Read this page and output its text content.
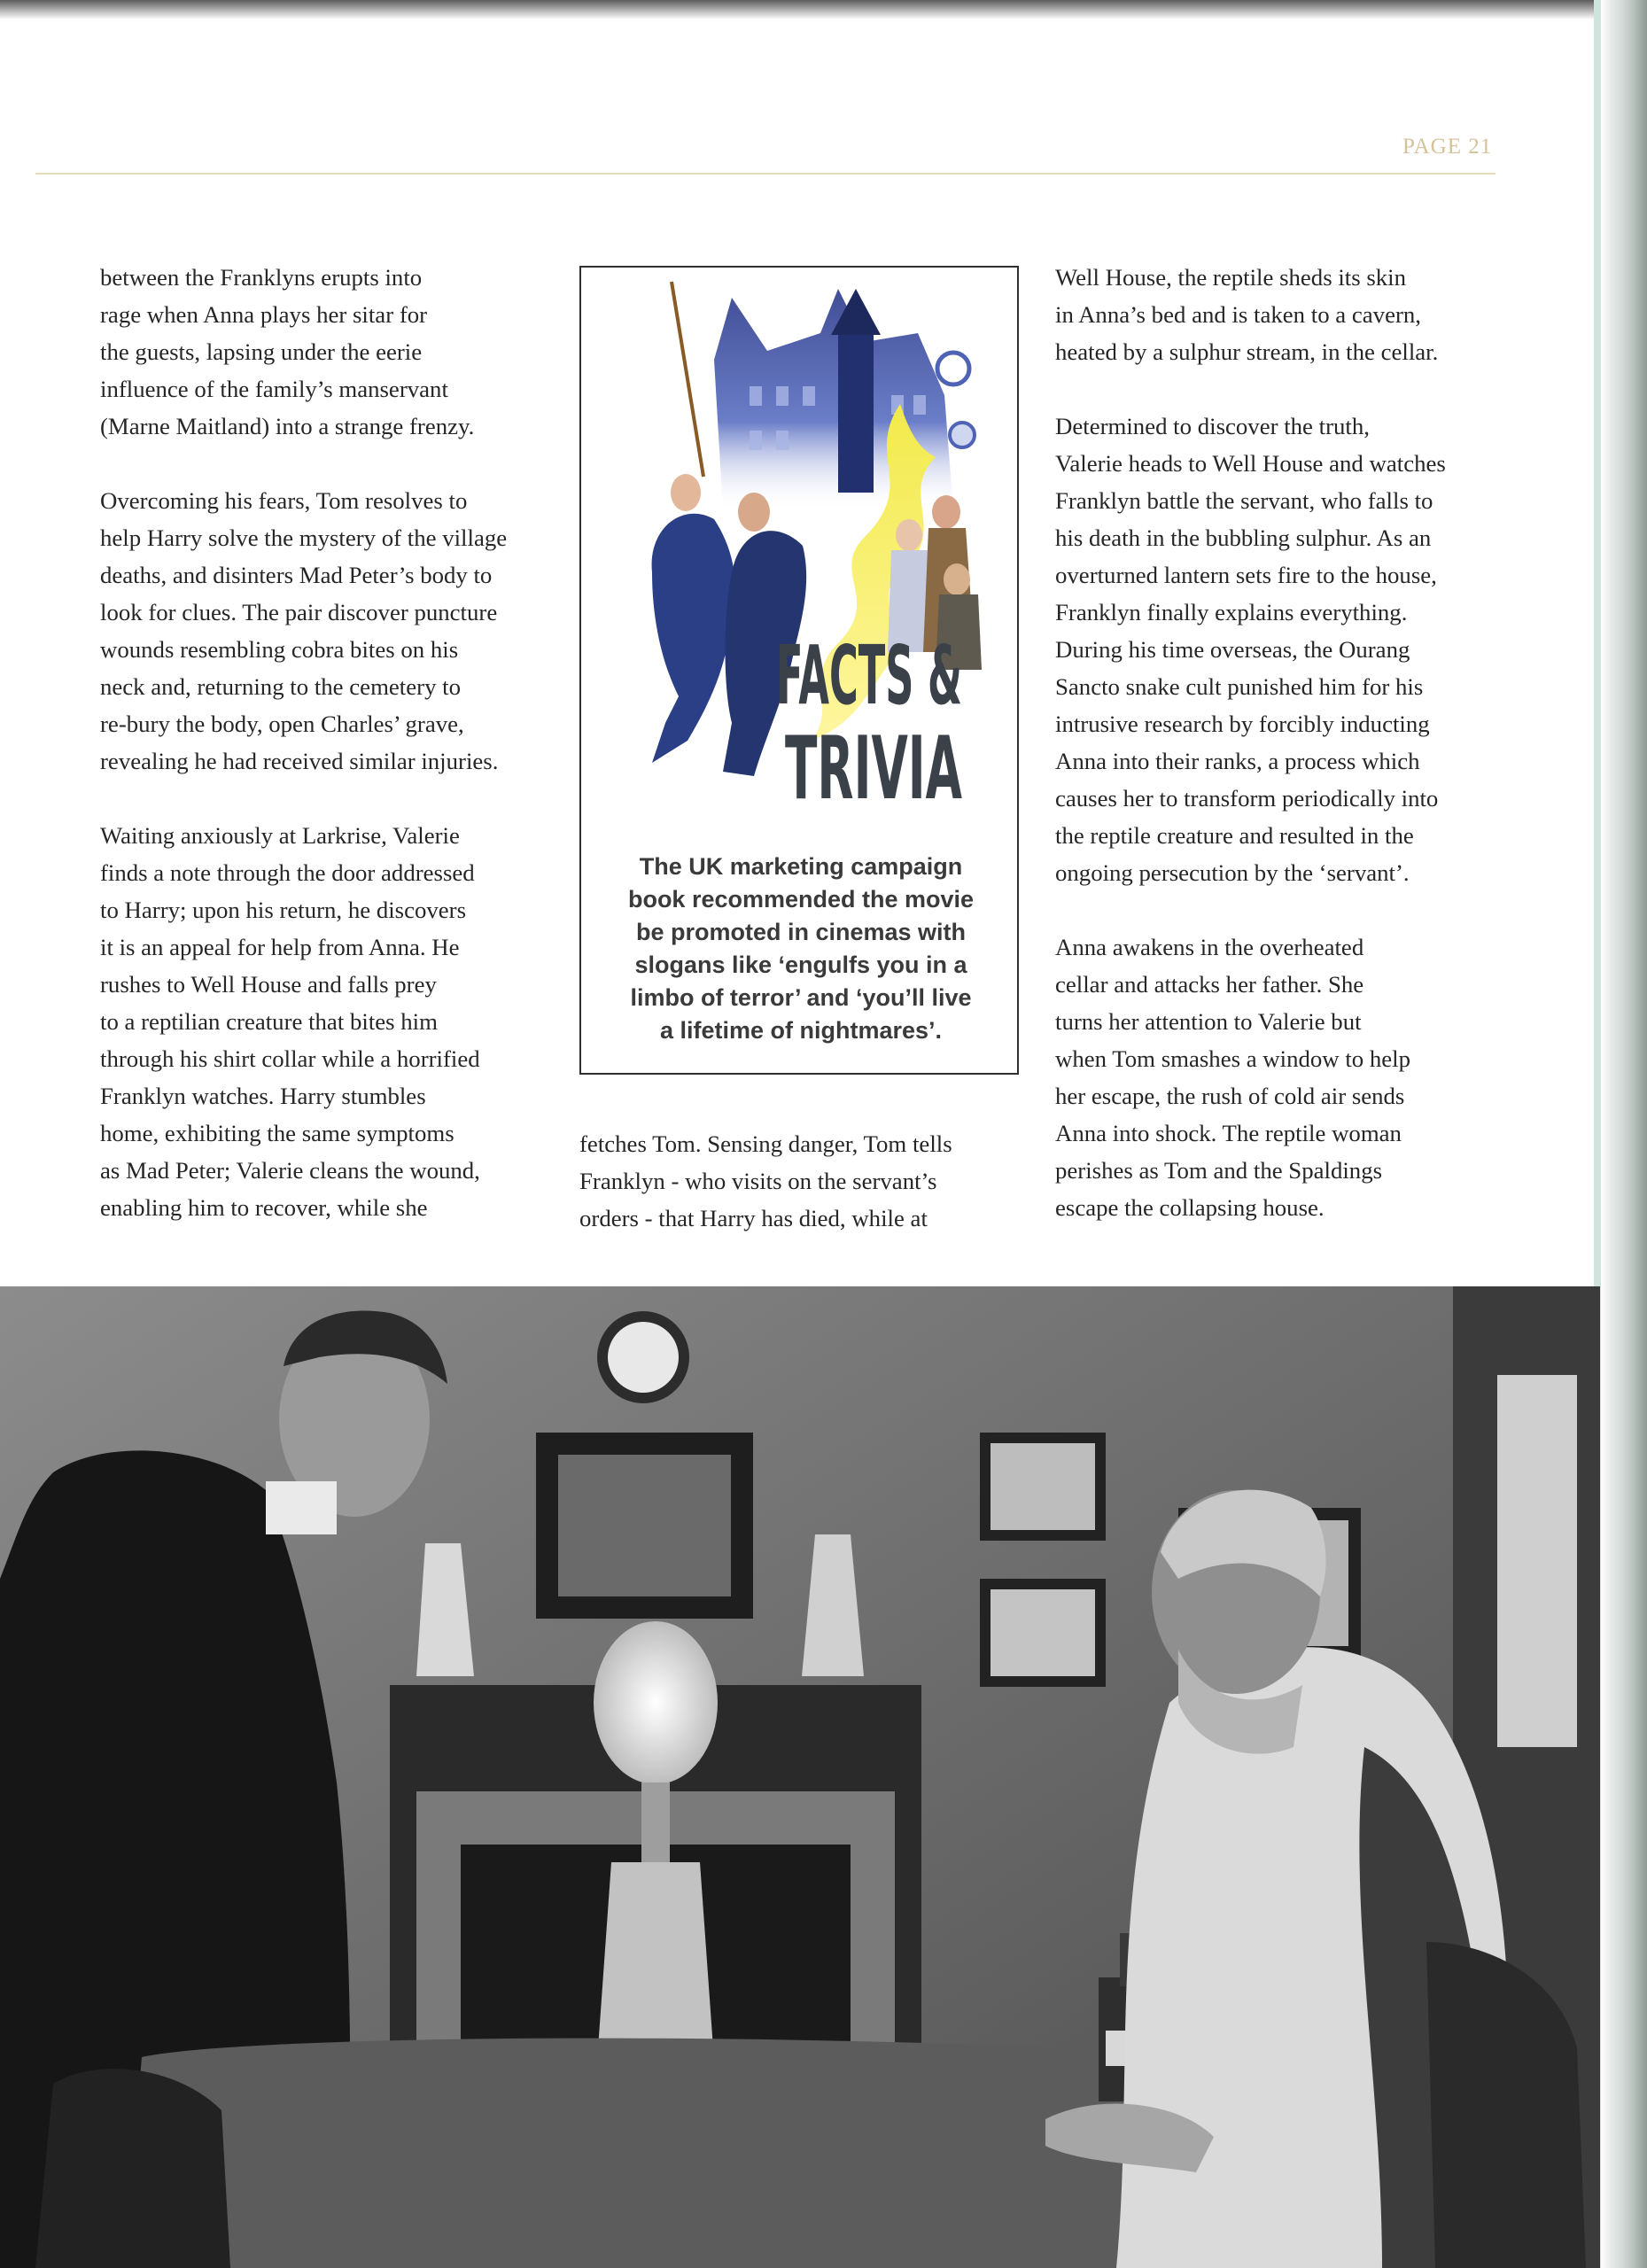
PAGE 21

between the Franklyns erupts into

rage when Anna plays her sitar for

the guests, lapsing under the eerie

influence of the family’s manservant

(Marne Maitland) into a strange frenzy.

Overcoming his fears, Tom resolves to

help Harry solve the mystery of the village

deaths, and disinters Mad Peter’s body to

look for clues. The pair discover puncture

wounds resembling cobra bites on his

neck and, returning to the cemetery to

re-bury the body, open Charles’ grave,

revealing he had received similar injuries.

Waiting anxiously at Larkrise, Valerie

finds a note through the door addressed

to Harry; upon his return, he discovers

it is an appeal for help from Anna. He

rushes to Well House and falls prey

to a reptilian creature that bites him

through his shirt collar while a horrified

Franklyn watches. Harry stumbles

home, exhibiting the same symptoms

as Mad Peter; Valerie cleans the wound,

enabling him to recover, while she

FACTS &
TRIVIA
The UK marketing campaign
book recommended the movie
be promoted in cinemas with
slogans like ‘engulfs you in a
limbo of terror’ and ‘you’ll live
a lifetime of nightmares’.

fetches Tom. Sensing danger, Tom tells

Franklyn - who visits on the servant’s

orders - that Harry has died, while at

Well House, the reptile sheds its skin

in Anna’s bed and is taken to a cavern,

heated by a sulphur stream, in the cellar.

Determined to discover the truth,

Valerie heads to Well House and watches

Franklyn battle the servant, who falls to

his death in the bubbling sulphur. As an

overturned lantern sets fire to the house,

Franklyn finally explains everything.

During his time overseas, the Ourang

Sancto snake cult punished him for his

intrusive research by forcibly inducting

Anna into their ranks, a process which

causes her to transform periodically into

the reptile creature and resulted in the

ongoing persecution by the ‘servant’.

Anna awakens in the overheated

cellar and attacks her father. She

turns her attention to Valerie but

when Tom smashes a window to help

her escape, the rush of cold air sends

Anna into shock. The reptile woman

perishes as Tom and the Spaldings

escape the collapsing house.
